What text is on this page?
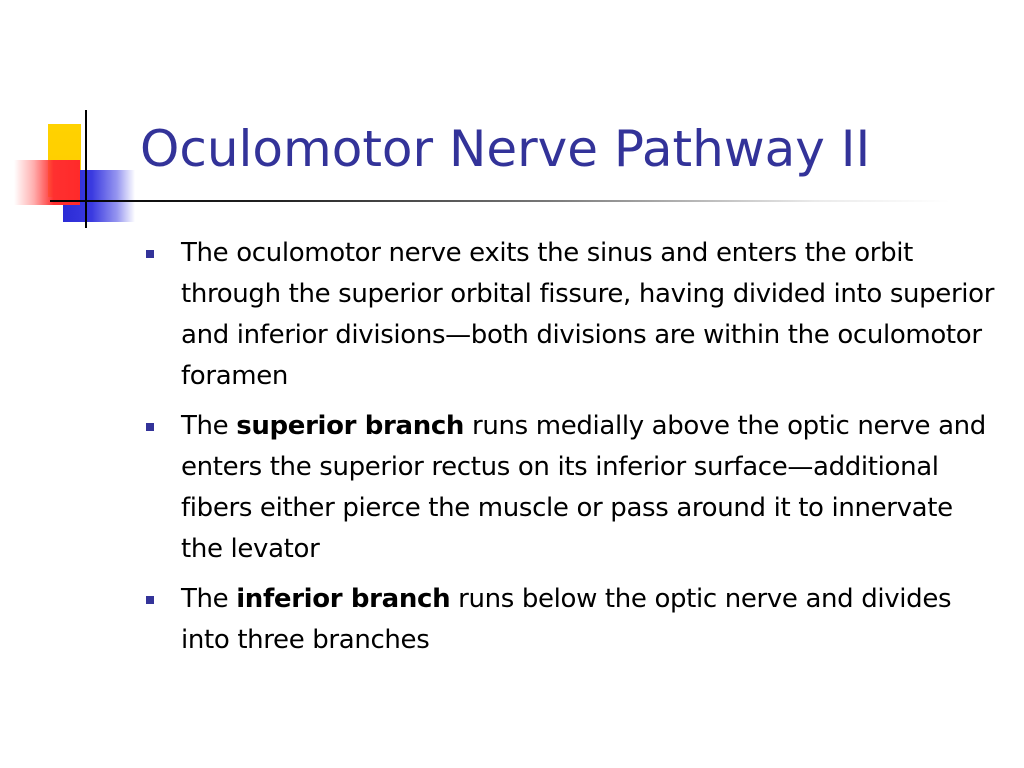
Oculomotor Nerve Pathway II
The oculomotor nerve exits the sinus and enters the orbit through the superior orbital fissure, having divided into superior and inferior divisions—both divisions are within the oculomotor foramen
The superior branch runs medially above the optic nerve and enters the superior rectus on its inferior surface—additional fibers either pierce the muscle or pass around it to innervate the levator
The inferior branch runs below the optic nerve and divides into three branches
